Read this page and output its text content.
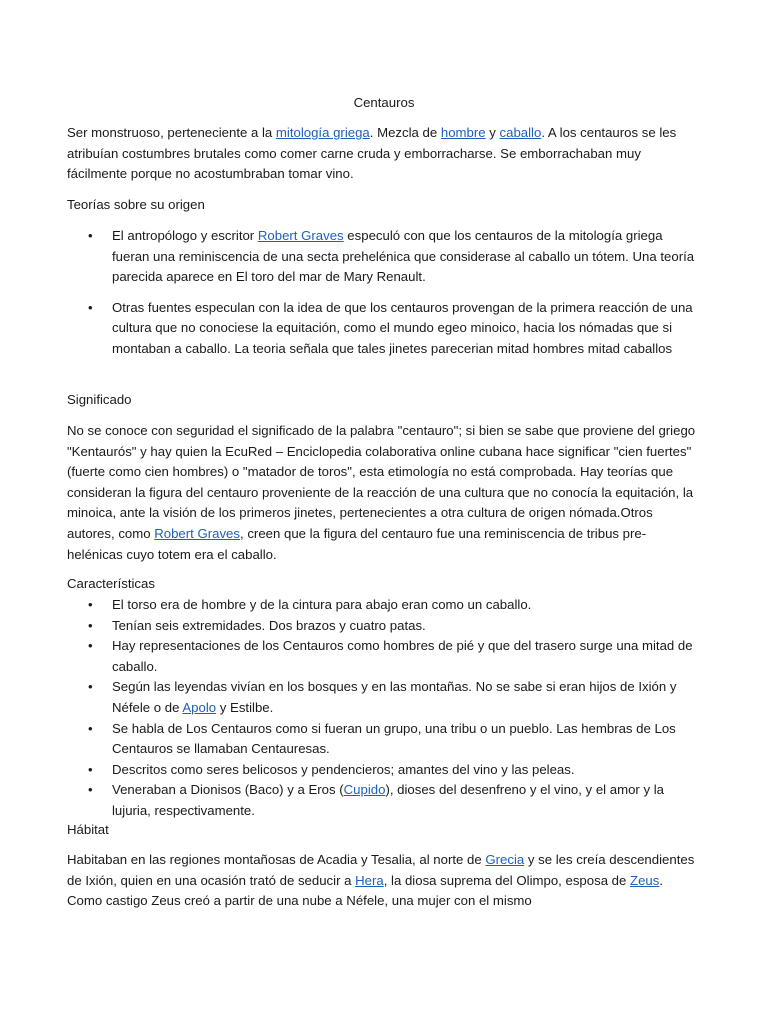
Centauros

Ser monstruoso, perteneciente a la mitología griega. Mezcla de hombre y caballo. A los centauros se les atribuían costumbres brutales como comer carne cruda y emborracharse. Se emborrachaban muy fácilmente porque no acostumbraban tomar vino.

Teorías sobre su origen

• El antropólogo y escritor Robert Graves especuló con que los centauros de la mitología griega fueran una reminiscencia de una secta prehelénica que considerase al caballo un tótem. Una teoría parecida aparece en El toro del mar de Mary Renault.
• Otras fuentes especulan con la idea de que los centauros provengan de la primera reacción de una cultura que no conociese la equitación, como el mundo egeo minoico, hacia los nómadas que si montaban a caballo. La teoria señala que tales jinetes parecerian mitad hombres mitad caballos

Significado

No se conoce con seguridad el significado de la palabra "centauro"; si bien se sabe que proviene del griego "Kentaurós" y hay quien la EcuRed – Enciclopedia colaborativa online cubana hace significar "cien fuertes" (fuerte como cien hombres) o "matador de toros", esta etimología no está comprobada. Hay teorías que consideran la figura del centauro proveniente de la reacción de una cultura que no conocía la equitación, la minoica, ante la visión de los primeros jinetes, pertenecientes a otra cultura de origen nómada.Otros autores, como Robert Graves, creen que la figura del centauro fue una reminiscencia de tribus pre-helénicas cuyo totem era el caballo.

Características

• El torso era de hombre y de la cintura para abajo eran como un caballo.
• Tenían seis extremidades. Dos brazos y cuatro patas.
• Hay representaciones de los Centauros como hombres de pié y que del trasero surge una mitad de caballo.
• Según las leyendas vivían en los bosques y en las montañas. No se sabe si eran hijos de Ixión y Néfele o de Apolo y Estilbe.
• Se habla de Los Centauros como si fueran un grupo, una tribu o un pueblo. Las hembras de Los Centauros se llamaban Centauresas.
• Descritos como seres belicosos y pendencieros; amantes del vino y las peleas.
• Veneraban a Dionisos (Baco) y a Eros (Cupido), dioses del desenfreno y el vino, y el amor y la lujuria, respectivamente.

Hábitat

Habitaban en las regiones montañosas de Acadia y Tesalia, al norte de Grecia y se les creía descendientes de Ixión, quien en una ocasión trató de seducir a Hera, la diosa suprema del Olimpo, esposa de Zeus. Como castigo Zeus creó a partir de una nube a Néfele, una mujer con el mismo
